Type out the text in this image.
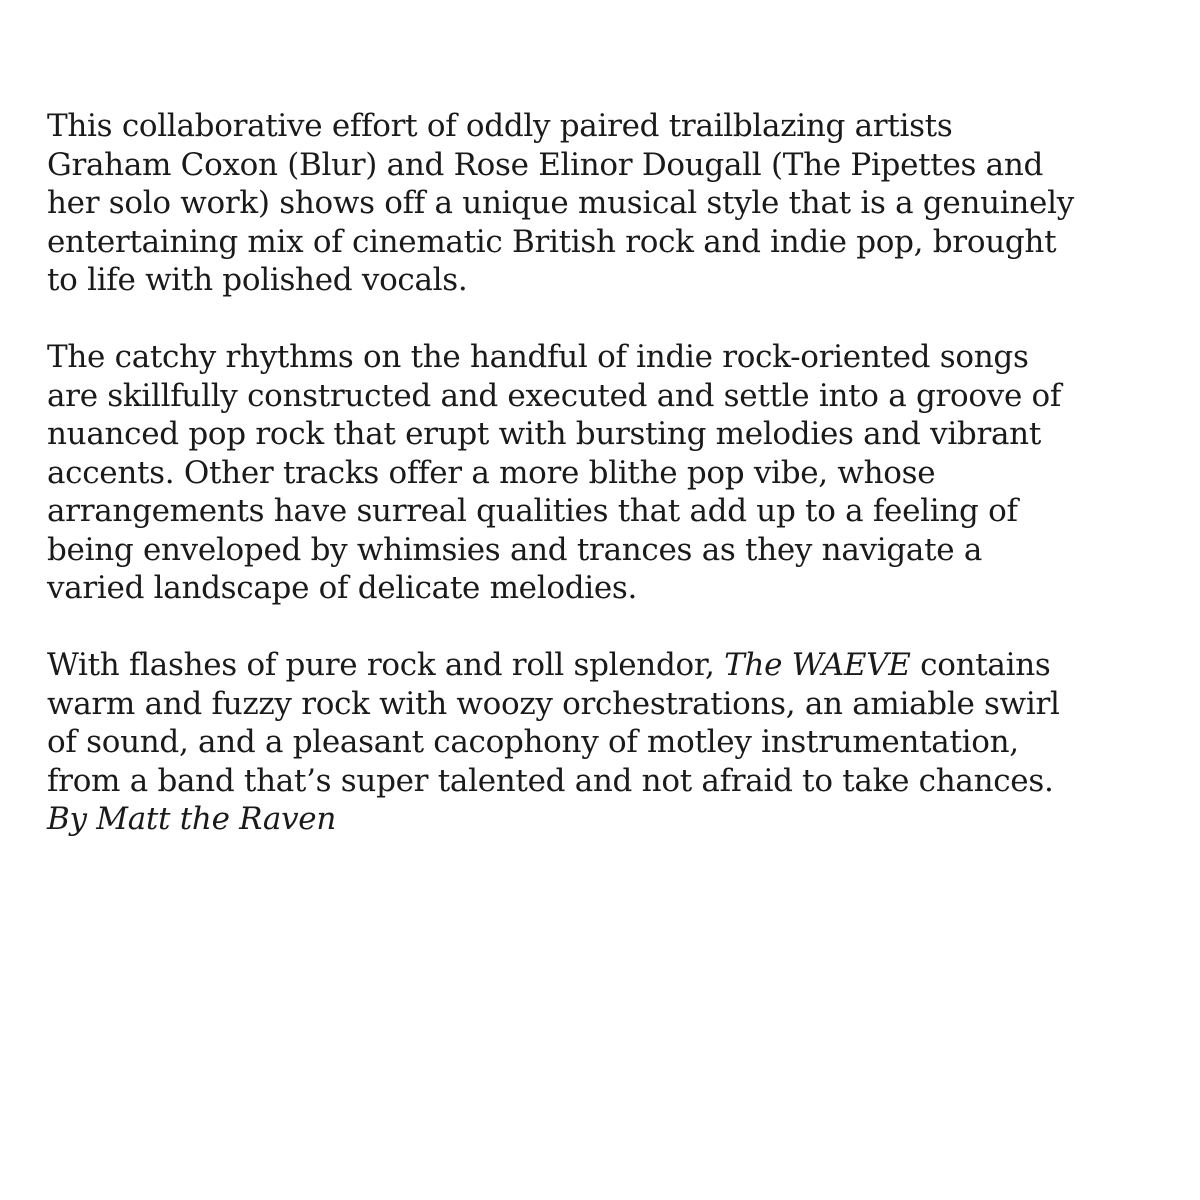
This collaborative effort of oddly paired trailblazing artists
Graham Coxon (Blur) and Rose Elinor Dougall (The Pipettes and
her solo work) shows off a unique musical style that is a genuinely
entertaining mix of cinematic British rock and indie pop, brought
to life with polished vocals.

The catchy rhythms on the handful of indie rock-oriented songs
are skillfully constructed and executed and settle into a groove of
nuanced pop rock that erupt with bursting melodies and vibrant
accents. Other tracks offer a more blithe pop vibe, whose
arrangements have surreal qualities that add up to a feeling of
being enveloped by whimsies and trances as they navigate a
varied landscape of delicate melodies.

With flashes of pure rock and roll splendor, The WAEVE contains
warm and fuzzy rock with woozy orchestrations, an amiable swirl
of sound, and a pleasant cacophony of motley instrumentation,
from a band that’s super talented and not afraid to take chances.
By Matt the Raven
